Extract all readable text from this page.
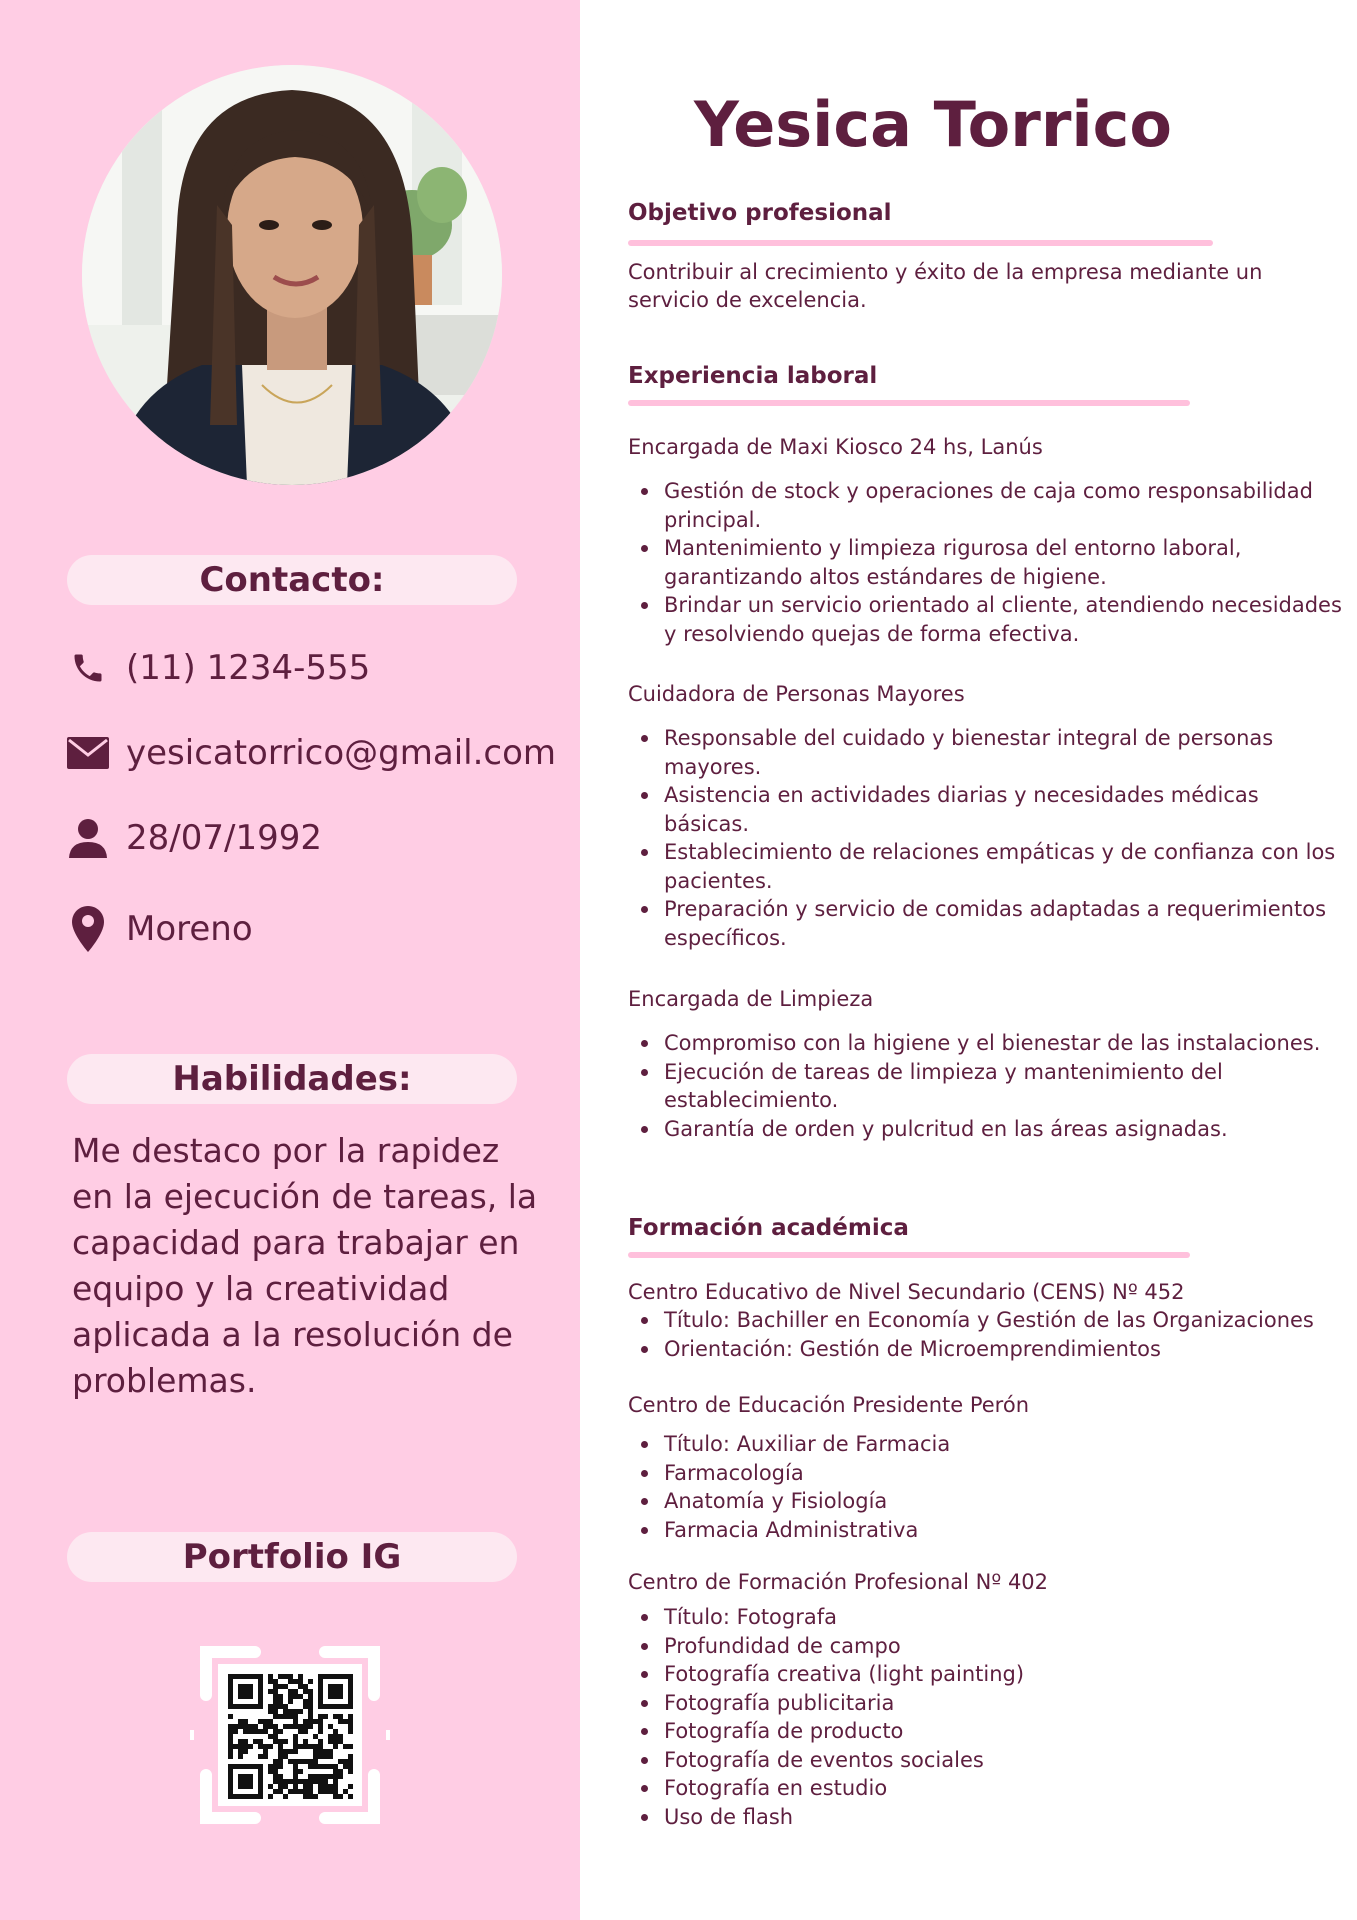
Contacto:
(11) 1234-555
yesicatorrico@gmail.com
28/07/1992
Moreno
Habilidades:
Me destaco por la rapidez en la ejecución de tareas, la capacidad para trabajar en equipo y la creatividad aplicada a la resolución de problemas.
Portfolio IG
Yesica Torrico
Objetivo profesional
Contribuir al crecimiento y éxito de la empresa mediante un servicio de excelencia.
Experiencia laboral
Encargada de Maxi Kiosco 24 hs, Lanús
Gestión de stock y operaciones de caja como responsabilidad principal.
Mantenimiento y limpieza rigurosa del entorno laboral, garantizando altos estándares de higiene.
Brindar un servicio orientado al cliente, atendiendo necesidades y resolviendo quejas de forma efectiva.
Cuidadora de Personas Mayores
Responsable del cuidado y bienestar integral de personas mayores.
Asistencia en actividades diarias y necesidades médicas básicas.
Establecimiento de relaciones empáticas y de confianza con los pacientes.
Preparación y servicio de comidas adaptadas a requerimientos específicos.
Encargada de Limpieza
Compromiso con la higiene y el bienestar de las instalaciones.
Ejecución de tareas de limpieza y mantenimiento del establecimiento.
Garantía de orden y pulcritud en las áreas asignadas.
Formación académica
Centro Educativo de Nivel Secundario (CENS) Nº 452
Título: Bachiller en Economía y Gestión de las Organizaciones
Orientación: Gestión de Microemprendimientos
Centro de Educación Presidente Perón
Título: Auxiliar de Farmacia
Farmacología
Anatomía y Fisiología
Farmacia Administrativa
Centro de Formación Profesional Nº 402
Título: Fotografa
Profundidad de campo
Fotografía creativa (light painting)
Fotografía publicitaria
Fotografía de producto
Fotografía de eventos sociales
Fotografía en estudio
Uso de flash
